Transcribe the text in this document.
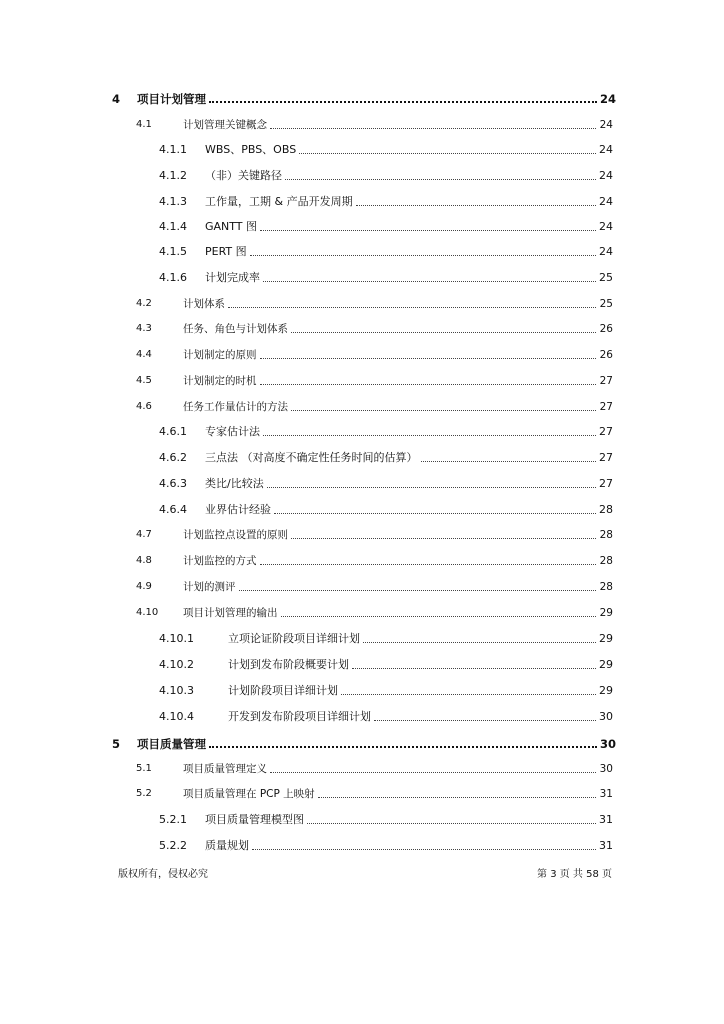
4	项目计划管理	24
4.1	计划管理关键概念	24
4.1.1	WBS、PBS、OBS	24
4.1.2	（非）关键路径	24
4.1.3	工作量，工期 & 产品开发周期	24
4.1.4	GANTT 图	24
4.1.5	PERT 图	24
4.1.6	计划完成率	25
4.2	计划体系	25
4.3	任务、角色与计划体系	26
4.4	计划制定的原则	26
4.5	计划制定的时机	27
4.6	任务工作量估计的方法	27
4.6.1	专家估计法	27
4.6.2	三点法 （对高度不确定性任务时间的估算）	27
4.6.3	类比/比较法	27
4.6.4	业界估计经验	28
4.7	计划监控点设置的原则	28
4.8	计划监控的方式	28
4.9	计划的测评	28
4.10	项目计划管理的输出	29
4.10.1	立项论证阶段项目详细计划	29
4.10.2	计划到发布阶段概要计划	29
4.10.3	计划阶段项目详细计划	29
4.10.4	开发到发布阶段项目详细计划	30
5	项目质量管理	30
5.1	项目质量管理定义	30
5.2	项目质量管理在 PCP 上映射	31
5.2.1	项目质量管理模型图	31
5.2.2	质量规划	31
版权所有，侵权必究	第 3 页 共 58 页
